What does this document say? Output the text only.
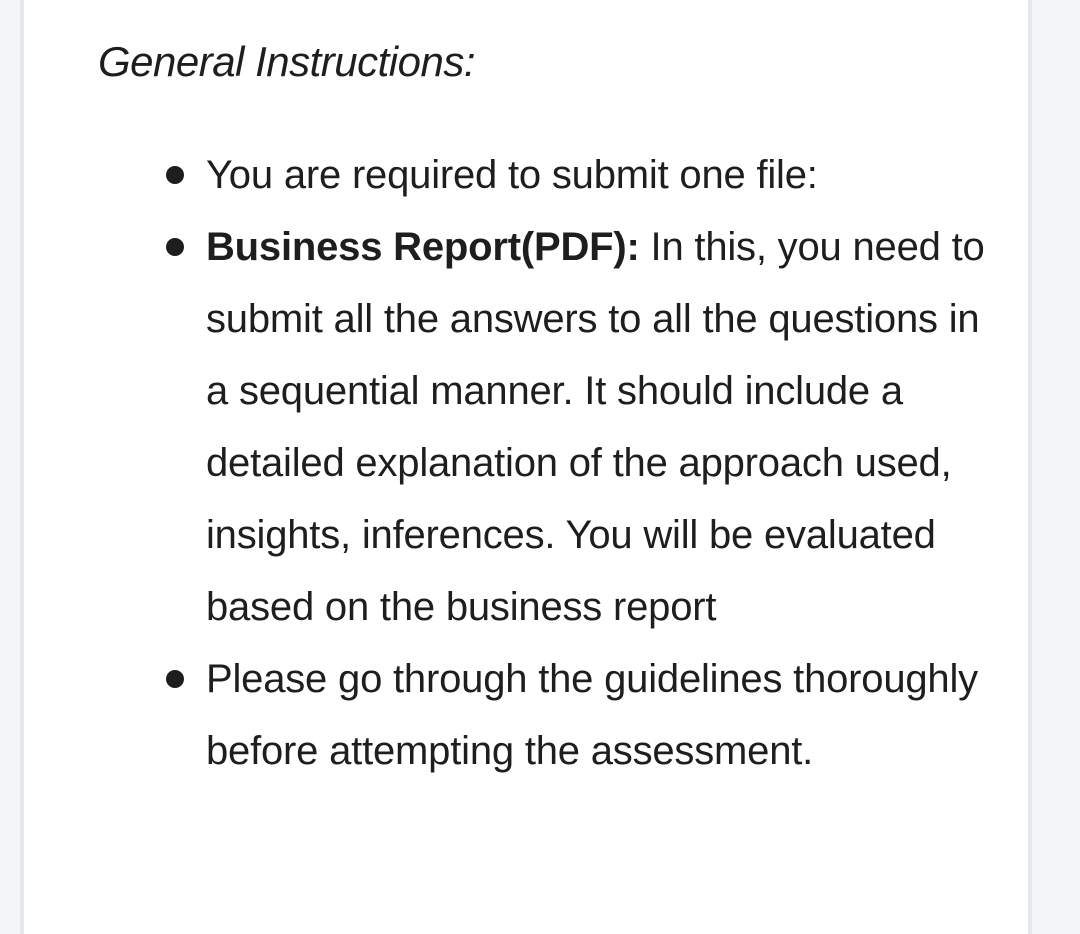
General Instructions:
You are required to submit one file:
Business Report(PDF): In this, you need to submit all the answers to all the questions in a sequential manner. It should include a detailed explanation of the approach used, insights, inferences. You will be evaluated based on the business report
Please go through the guidelines thoroughly before attempting the assessment.
